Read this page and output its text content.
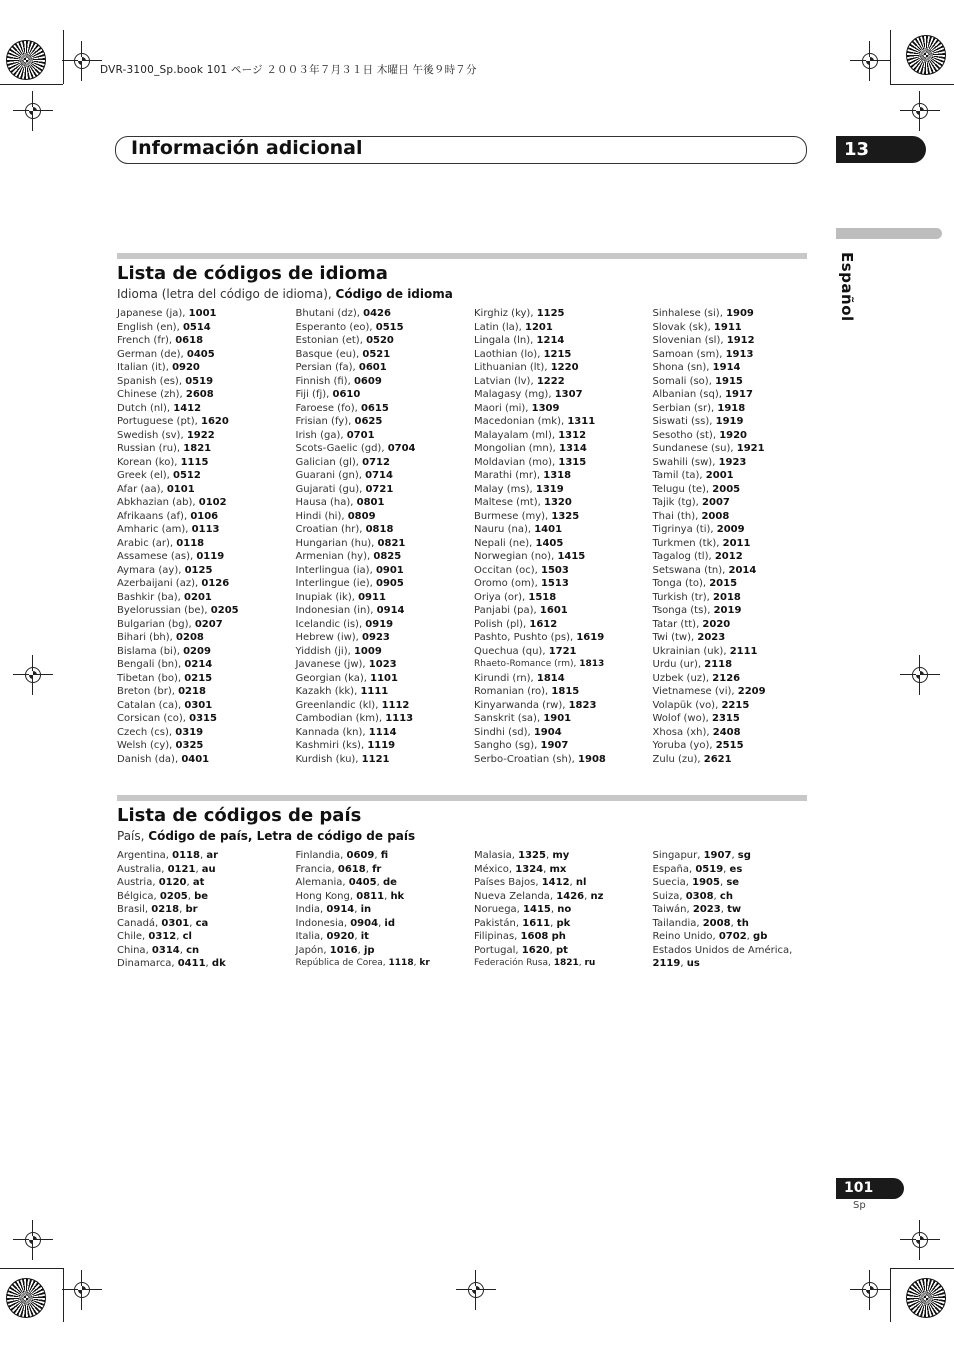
DVR-3100_Sp.book 101 ページ ２００３年７月３１日 木曜日 午後９時７分
Información adicional	13
Español
Lista de códigos de idioma
Idioma (letra del código de idioma), Código de idioma
Japanese (ja), 1001
English (en), 0514
French (fr), 0618
German (de), 0405
Italian (it), 0920
Spanish (es), 0519
Chinese (zh), 2608
Dutch (nl), 1412
Portuguese (pt), 1620
Swedish (sv), 1922
Russian (ru), 1821
Korean (ko), 1115
Greek (el), 0512
Afar (aa), 0101
Abkhazian (ab), 0102
Afrikaans (af), 0106
Amharic (am), 0113
Arabic (ar), 0118
Assamese (as), 0119
Aymara (ay), 0125
Azerbaijani (az), 0126
Bashkir (ba), 0201
Byelorussian (be), 0205
Bulgarian (bg), 0207
Bihari (bh), 0208
Bislama (bi), 0209
Bengali (bn), 0214
Tibetan (bo), 0215
Breton (br), 0218
Catalan (ca), 0301
Corsican (co), 0315
Czech (cs), 0319
Welsh (cy), 0325
Danish (da), 0401
Bhutani (dz), 0426
Esperanto (eo), 0515
Estonian (et), 0520
Basque (eu), 0521
Persian (fa), 0601
Finnish (fi), 0609
Fiji (fj), 0610
Faroese (fo), 0615
Frisian (fy), 0625
Irish (ga), 0701
Scots-Gaelic (gd), 0704
Galician (gl), 0712
Guarani (gn), 0714
Gujarati (gu), 0721
Hausa (ha), 0801
Hindi (hi), 0809
Croatian (hr), 0818
Hungarian (hu), 0821
Armenian (hy), 0825
Interlingua (ia), 0901
Interlingue (ie), 0905
Inupiak (ik), 0911
Indonesian (in), 0914
Icelandic (is), 0919
Hebrew (iw), 0923
Yiddish (ji), 1009
Javanese (jw), 1023
Georgian (ka), 1101
Kazakh (kk), 1111
Greenlandic (kl), 1112
Cambodian (km), 1113
Kannada (kn), 1114
Kashmiri (ks), 1119
Kurdish (ku), 1121
Kirghiz (ky), 1125
Latin (la), 1201
Lingala (ln), 1214
Laothian (lo), 1215
Lithuanian (lt), 1220
Latvian (lv), 1222
Malagasy (mg), 1307
Maori (mi), 1309
Macedonian (mk), 1311
Malayalam (ml), 1312
Mongolian (mn), 1314
Moldavian (mo), 1315
Marathi (mr), 1318
Malay (ms), 1319
Maltese (mt), 1320
Burmese (my), 1325
Nauru (na), 1401
Nepali (ne), 1405
Norwegian (no), 1415
Occitan (oc), 1503
Oromo (om), 1513
Oriya (or), 1518
Panjabi (pa), 1601
Polish (pl), 1612
Pashto, Pushto (ps), 1619
Quechua (qu), 1721
Rhaeto-Romance (rm), 1813
Kirundi (rn), 1814
Romanian (ro), 1815
Kinyarwanda (rw), 1823
Sanskrit (sa), 1901
Sindhi (sd), 1904
Sangho (sg), 1907
Serbo-Croatian (sh), 1908
Sinhalese (si), 1909
Slovak (sk), 1911
Slovenian (sl), 1912
Samoan (sm), 1913
Shona (sn), 1914
Somali (so), 1915
Albanian (sq), 1917
Serbian (sr), 1918
Siswati (ss), 1919
Sesotho (st), 1920
Sundanese (su), 1921
Swahili (sw), 1923
Tamil (ta), 2001
Telugu (te), 2005
Tajik (tg), 2007
Thai (th), 2008
Tigrinya (ti), 2009
Turkmen (tk), 2011
Tagalog (tl), 2012
Setswana (tn), 2014
Tonga (to), 2015
Turkish (tr), 2018
Tsonga (ts), 2019
Tatar (tt), 2020
Twi (tw), 2023
Ukrainian (uk), 2111
Urdu (ur), 2118
Uzbek (uz), 2126
Vietnamese (vi), 2209
Volapük (vo), 2215
Wolof (wo), 2315
Xhosa (xh), 2408
Yoruba (yo), 2515
Zulu (zu), 2621
Lista de códigos de país
País, Código de país, Letra de código de país
Argentina, 0118, ar
Australia, 0121, au
Austria, 0120, at
Bélgica, 0205, be
Brasil, 0218, br
Canadá, 0301, ca
Chile, 0312, cl
China, 0314, cn
Dinamarca, 0411, dk
Finlandia, 0609, fi
Francia, 0618, fr
Alemania, 0405, de
Hong Kong, 0811, hk
India, 0914, in
Indonesia, 0904, id
Italia, 0920, it
Japón, 1016, jp
República de Corea, 1118, kr
Malasia, 1325, my
México, 1324, mx
Países Bajos, 1412, nl
Nueva Zelanda, 1426, nz
Noruega, 1415, no
Pakistán, 1611, pk
Filipinas, 1608 ph
Portugal, 1620, pt
Federación Rusa, 1821, ru
Singapur, 1907, sg
España, 0519, es
Suecia, 1905, se
Suiza, 0308, ch
Taiwán, 2023, tw
Tailandia, 2008, th
Reino Unido, 0702, gb
Estados Unidos de América,
2119, us
101
Sp
